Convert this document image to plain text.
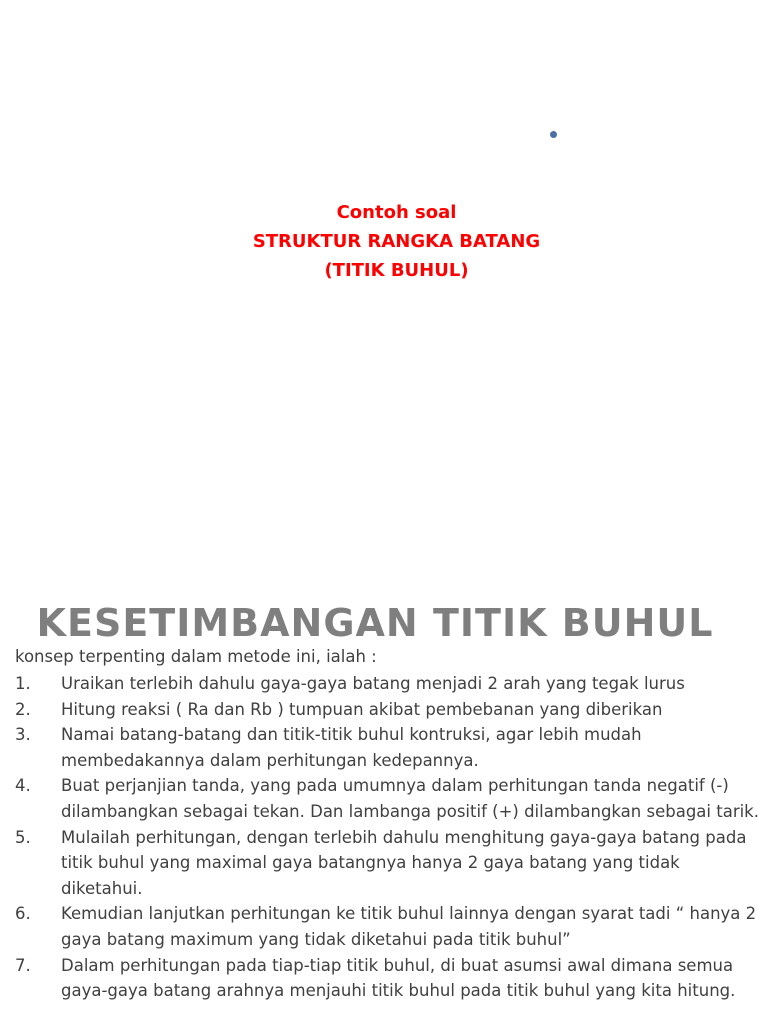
Contoh soal
STRUKTUR RANGKA BATANG
(TITIK BUHUL)
KESETIMBANGAN TITIK BUHUL
konsep terpenting dalam metode ini, ialah :
1. Uraikan terlebih dahulu gaya-gaya batang menjadi 2 arah yang tegak lurus
2. Hitung reaksi ( Ra dan Rb ) tumpuan akibat pembebanan yang diberikan
3. Namai batang-batang dan titik-titik buhul kontruksi, agar lebih mudah membedakannya dalam perhitungan kedepannya.
4. Buat perjanjian tanda, yang pada umumnya dalam perhitungan tanda negatif (-) dilambangkan sebagai tekan. Dan lambanga positif (+) dilambangkan sebagai tarik.
5. Mulailah perhitungan, dengan terlebih dahulu menghitung gaya-gaya batang pada titik buhul yang maximal gaya batangnya hanya 2 gaya batang yang tidak diketahui.
6. Kemudian lanjutkan perhitungan ke titik buhul lainnya dengan syarat tadi “ hanya 2 gaya batang maximum yang tidak diketahui pada titik buhul”
7. Dalam perhitungan pada tiap-tiap titik buhul, di buat asumsi awal dimana semua gaya-gaya batang arahnya menjauhi titik buhul pada titik buhul yang kita hitung.
